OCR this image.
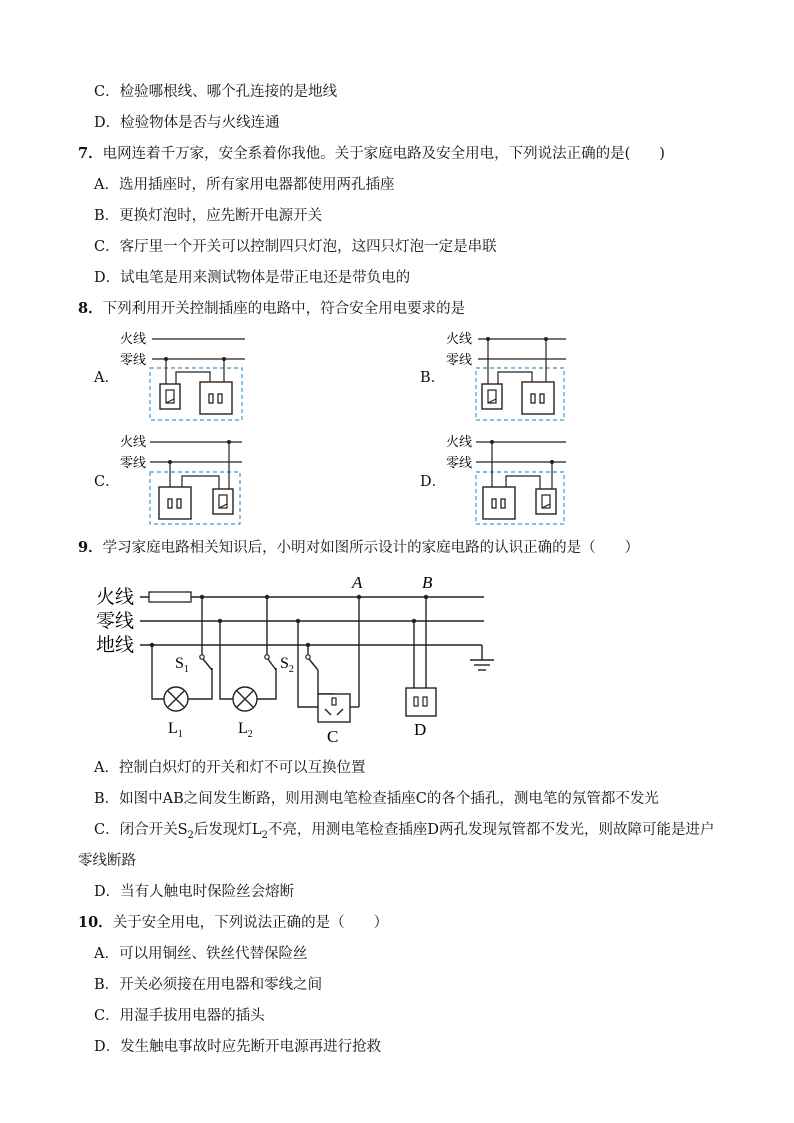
C．检验哪根线、哪个孔连接的是地线
D．检验物体是否与火线连通
7．电网连着千万家，安全系着你我他。关于家庭电路及安全用电，下列说法正确的是(　　)
A．选用插座时，所有家用电器都使用两孔插座
B．更换灯泡时，应先断开电源开关
C．客厅里一个开关可以控制四只灯泡，这四只灯泡一定是串联
D．试电笔是用来测试物体是带正电还是带负电的
8．下列利用开关控制插座的电路中，符合安全用电要求的是
A．	B．
C．	D．
火线
零线
火线
零线
火线
零线
火线
零线
9．学习家庭电路相关知识后，小明对如图所示设计的家庭电路的认识正确的是（　　）
火线
零线
地线
A	B
$S_1$
$L_1$
$S_2$
$L_2$	C	D
A．控制白炽灯的开关和灯不可以互换位置
B．如图中AB之间发生断路，则用测电笔检查插座C的各个插孔，测电笔的氖管都不发光
C．闭合开关$S_2$后发现灯$L_2$不亮，用测电笔检查插座D两孔发现氖管都不发光，则故障可能是进户
零线断路
D．当有人触电时保险丝会熔断
10．关于安全用电，下列说法正确的是（　　）
A．可以用铜丝、铁丝代替保险丝
B．开关必须接在用电器和零线之间
C．用湿手拔用电器的插头
D．发生触电事故时应先断开电源再进行抢救
